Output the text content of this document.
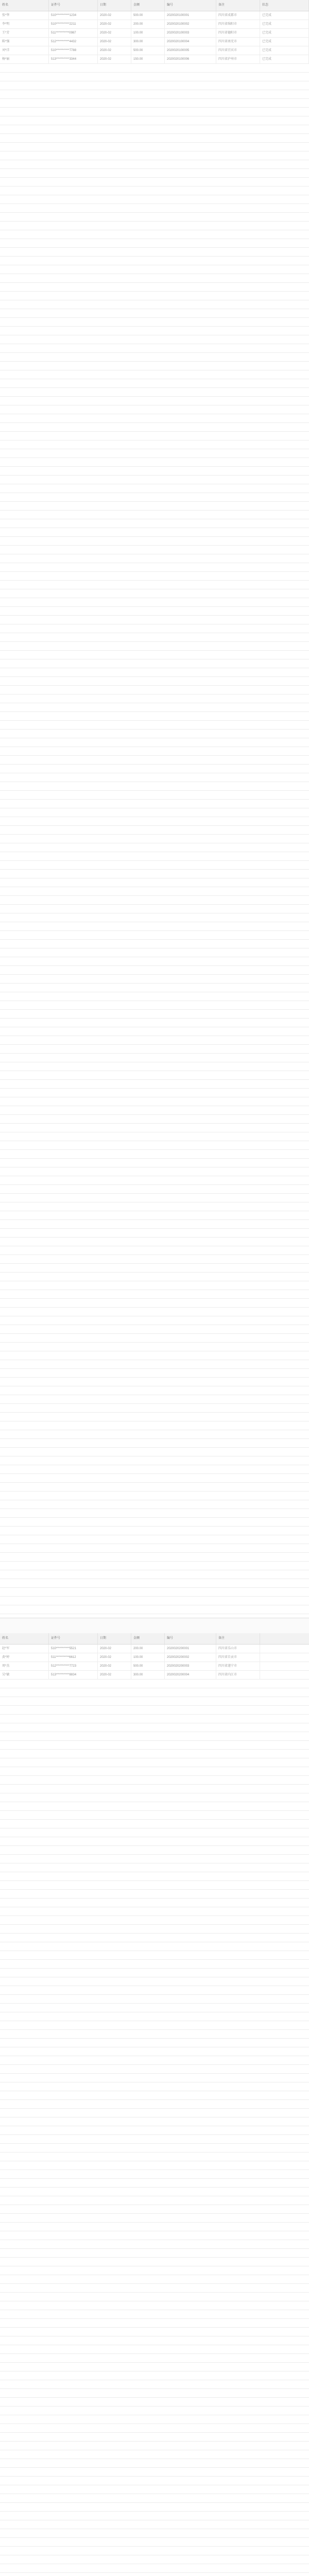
姓名	证件号	日期	金额	编号	备注	状态
张*华	510***********1234	2020-02	500.00	2020020100001	四川省成都市	已完成
李*明	510***********2211	2020-02	200.00	2020020100002	四川省绵阳市	已完成
王*芳	511***********0987	2020-02	100.00	2020020100003	四川省德阳市	已完成
陈*强	512***********4432	2020-02	300.00	2020020100004	四川省南充市	已完成
刘*洋	510***********7788	2020-02	500.00	2020020100005	四川省宜宾市	已完成
杨*丽	513***********3344	2020-02	150.00	2020020100006	四川省泸州市	已完成
姓名	证件号	日期	金额	编号	备注
赵*军	510***********5521	2020-02	200.00	2020020200001	四川省乐山市
黄*婷	511***********6612	2020-02	100.00	2020020200002	四川省自贡市
周*杰	512***********7723	2020-02	500.00	2020020200003	四川省遂宁市
吴*敏	513***********8834	2020-02	300.00	2020020200004	四川省内江市
